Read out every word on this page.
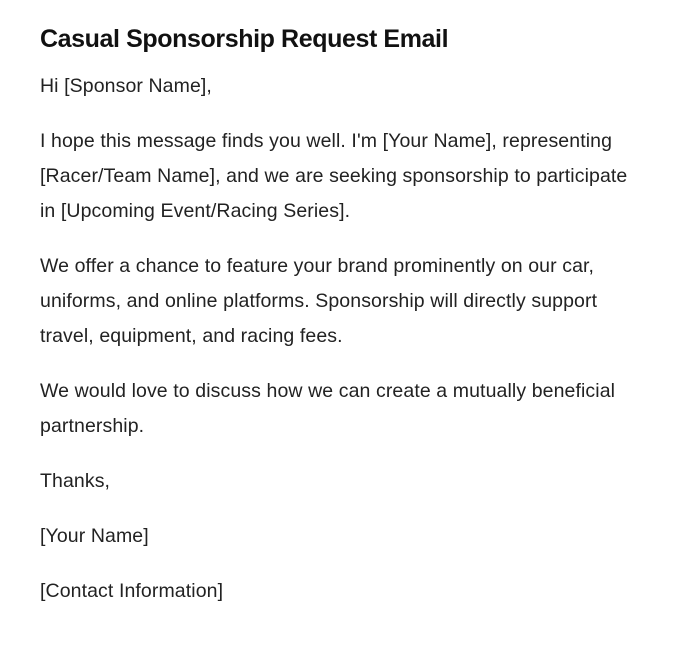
Casual Sponsorship Request Email

Hi [Sponsor Name],

I hope this message finds you well. I'm [Your Name], representing [Racer/Team Name], and we are seeking sponsorship to participate in [Upcoming Event/Racing Series].

We offer a chance to feature your brand prominently on our car, uniforms, and online platforms. Sponsorship will directly support travel, equipment, and racing fees.

We would love to discuss how we can create a mutually beneficial partnership.

Thanks,

[Your Name]

[Contact Information]
